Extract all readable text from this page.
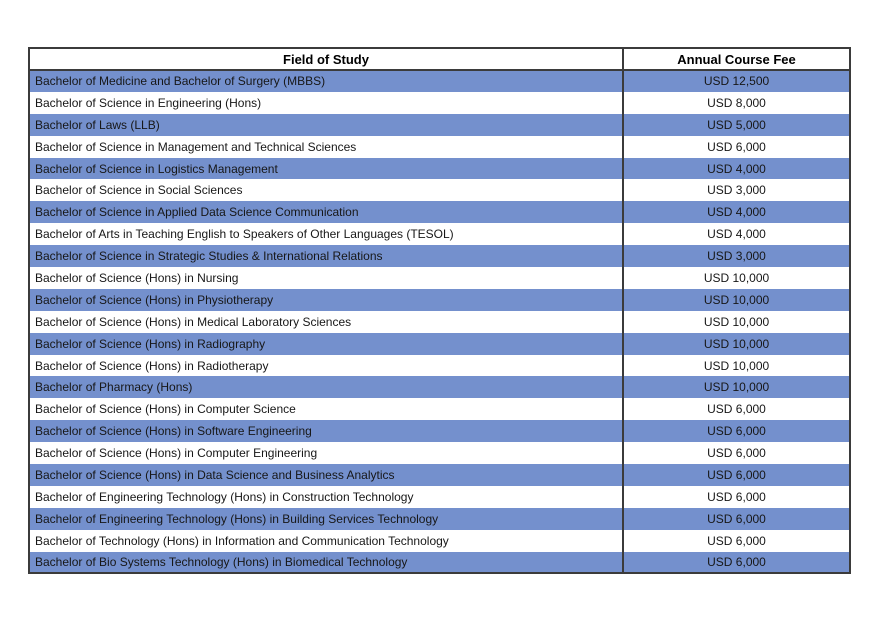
Field of Study	Annual Course Fee
Bachelor of Medicine and Bachelor of Surgery (MBBS)	USD 12,500
Bachelor of Science in Engineering (Hons)	USD 8,000
Bachelor of Laws (LLB)	USD 5,000
Bachelor of Science in Management and Technical Sciences	USD 6,000
Bachelor of Science in Logistics Management	USD 4,000
Bachelor of Science in Social Sciences	USD 3,000
Bachelor of Science in Applied Data Science Communication	USD 4,000
Bachelor of Arts in Teaching English to Speakers of Other Languages (TESOL)	USD 4,000
Bachelor of Science in Strategic Studies & International Relations	USD 3,000
Bachelor of Science (Hons) in Nursing	USD 10,000
Bachelor of Science (Hons) in Physiotherapy	USD 10,000
Bachelor of Science (Hons) in Medical Laboratory Sciences	USD 10,000
Bachelor of Science (Hons) in Radiography	USD 10,000
Bachelor of Science (Hons) in Radiotherapy	USD 10,000
Bachelor of Pharmacy (Hons)	USD 10,000
Bachelor of Science (Hons) in Computer Science	USD 6,000
Bachelor of Science (Hons) in Software Engineering	USD 6,000
Bachelor of Science (Hons) in Computer Engineering	USD 6,000
Bachelor of Science (Hons) in Data Science and Business Analytics	USD 6,000
Bachelor of Engineering Technology (Hons) in Construction Technology	USD 6,000
Bachelor of Engineering Technology (Hons) in Building Services Technology	USD 6,000
Bachelor of Technology (Hons) in Information and Communication Technology	USD 6,000
Bachelor of Bio Systems Technology (Hons) in Biomedical Technology	USD 6,000
